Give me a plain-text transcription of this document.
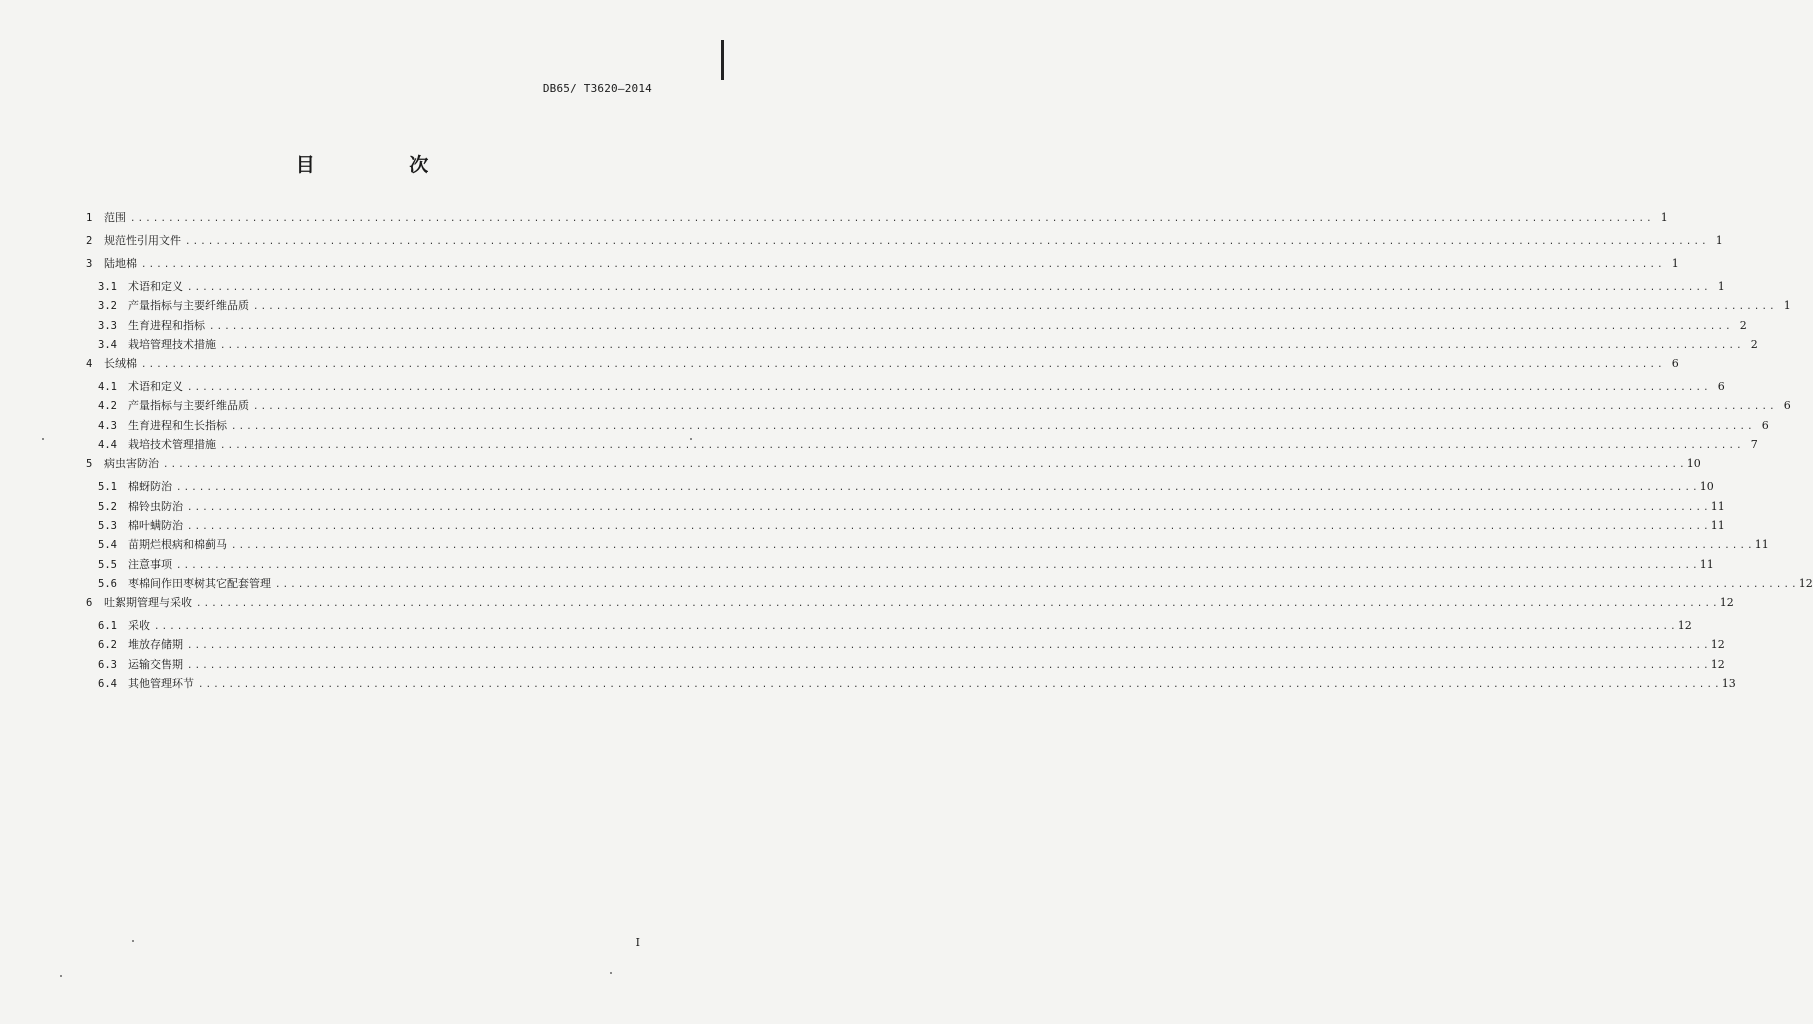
DB65/ T3620—2014
目 次
1	范围 ........................................................................................................................................................................................................ 1
2	规范性引用文件 ........................................................................................................................................................................................................ 1
3	陆地棉 ........................................................................................................................................................................................................ 1
3.1	术语和定义 ........................................................................................................................................................................................................ 1
3.2	产量指标与主要纤维品质 ........................................................................................................................................................................................................ 1
3.3	生育进程和指标 ........................................................................................................................................................................................................ 2
3.4	栽培管理技术措施 ........................................................................................................................................................................................................ 2
4	长绒棉 ........................................................................................................................................................................................................ 6
4.1	术语和定义 ........................................................................................................................................................................................................ 6
4.2	产量指标与主要纤维品质 ........................................................................................................................................................................................................ 6
4.3	生育进程和生长指标 ........................................................................................................................................................................................................ 6
4.4	栽培技术管理措施 ........................................................................................................................................................................................................ 7
5	病虫害防治 ........................................................................................................................................................................................................ 10
5.1	棉蚜防治 ........................................................................................................................................................................................................ 10
5.2	棉铃虫防治 ........................................................................................................................................................................................................ 11
5.3	棉叶螨防治 ........................................................................................................................................................................................................ 11
5.4	苗期烂根病和棉蓟马 ........................................................................................................................................................................................................ 11
5.5	注意事项 ........................................................................................................................................................................................................ 11
5.6	枣棉间作田枣树其它配套管理 ........................................................................................................................................................................................................ 12
6	吐絮期管理与采收 ........................................................................................................................................................................................................ 12
6.1	采收 ........................................................................................................................................................................................................ 12
6.2	堆放存储期 ........................................................................................................................................................................................................ 12
6.3	运输交售期 ........................................................................................................................................................................................................ 12
6.4	其他管理环节 ........................................................................................................................................................................................................ 13
I
